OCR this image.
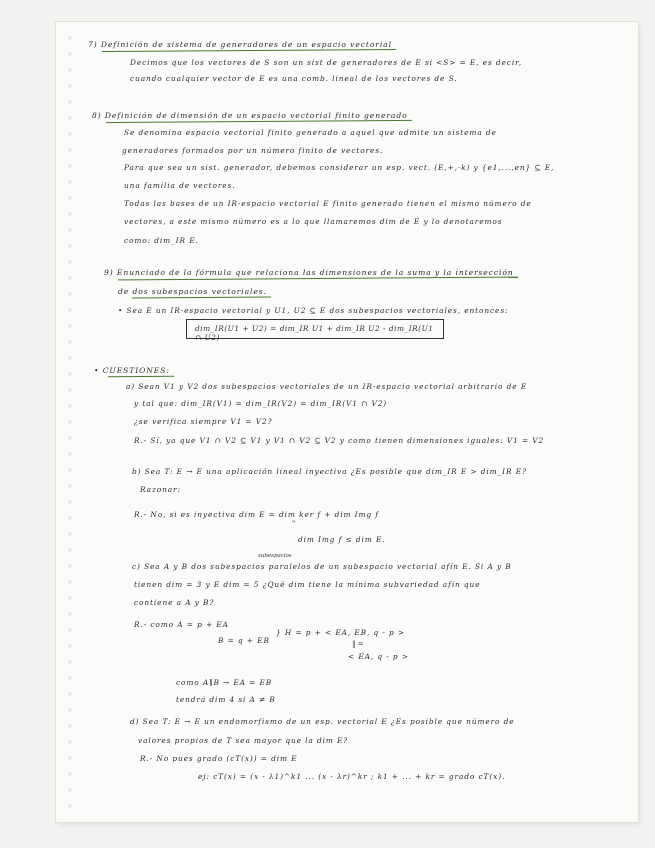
7) Definición de sistema de generadores de un espacio vectorial
Decimos que los vectores de S son un sist de generadores de E si <S> = E, es decir,
cuando cualquier vector de E es una comb. lineal de los vectores de S.
8) Definición de dimensión de un espacio vectorial finito generado
Se denomina espacio vectorial finito generado a aquel que admite un sistema de
generadores formados por un número finito de vectores.
Para que sea un sist. generador, debemos considerar un esp. vect. (E,+,·k) y {e1,...,en} ⊆ E,
una familia de vectores.
Todas las bases de un IR-espacio vectorial E finito generado tienen el mismo número de
vectores, a este mismo número es a lo que llamaremos dim de E y lo denotaremos
como: dim_IR E.
9) Enunciado de la fórmula que relaciona las dimensiones de la suma y la intersección
de dos subespacios vectoriales.
• Sea E un IR-espacio vectorial y U1, U2 ⊆ E dos subespacios vectoriales, entonces:
• CUESTIONES:
a) Sean V1 y V2 dos subespacios vectoriales de un IR-espacio vectorial arbitrario de E
y tal que: dim_IR(V1) = dim_IR(V2) = dim_IR(V1 ∩ V2)
¿se verifica siempre V1 = V2?
R.- Sí, ya que V1 ∩ V2 ⊆ V1 y V1 ∩ V2 ⊆ V2 y como tienen dimensiones iguales: V1 = V2
b) Sea T: E → E una aplicación lineal inyectiva ¿Es posible que dim_IR E > dim_IR E?
Razonar:
R.- No, si es inyectiva dim E = dim ker f + dim Img f
dim Img f ≤ dim E.
c) Sea A y B dos subespacios paralelos de un subespacio vectorial afín E. Si A y B
tienen dim = 3 y E dim = 5 ¿Qué dim tiene la mínima subvariedad afín que
contiene a A y B?
R.- como A = p + EA
B = q + EB
} H = p + < EA, EB, q - p >
< EA, q - p >
como A∥B → EA = EB
tendrá dim 4 si A ≠ B
d) Sea T: E → E un endomorfismo de un esp. vectorial E ¿Es posible que número de
valores propios de T sea mayor que la dim E?
R.- No pues grado (cT(x)) = dim E
ej: cT(x) = (x - λ1)^k1 ... (x - λr)^kr ; k1 + ... + kr = grado cT(x).
dim_IR(U1 + U2) = dim_IR U1 + dim_IR U2 - dim_IR(U1 ∩ U2)
subespacios
"
‖ =
